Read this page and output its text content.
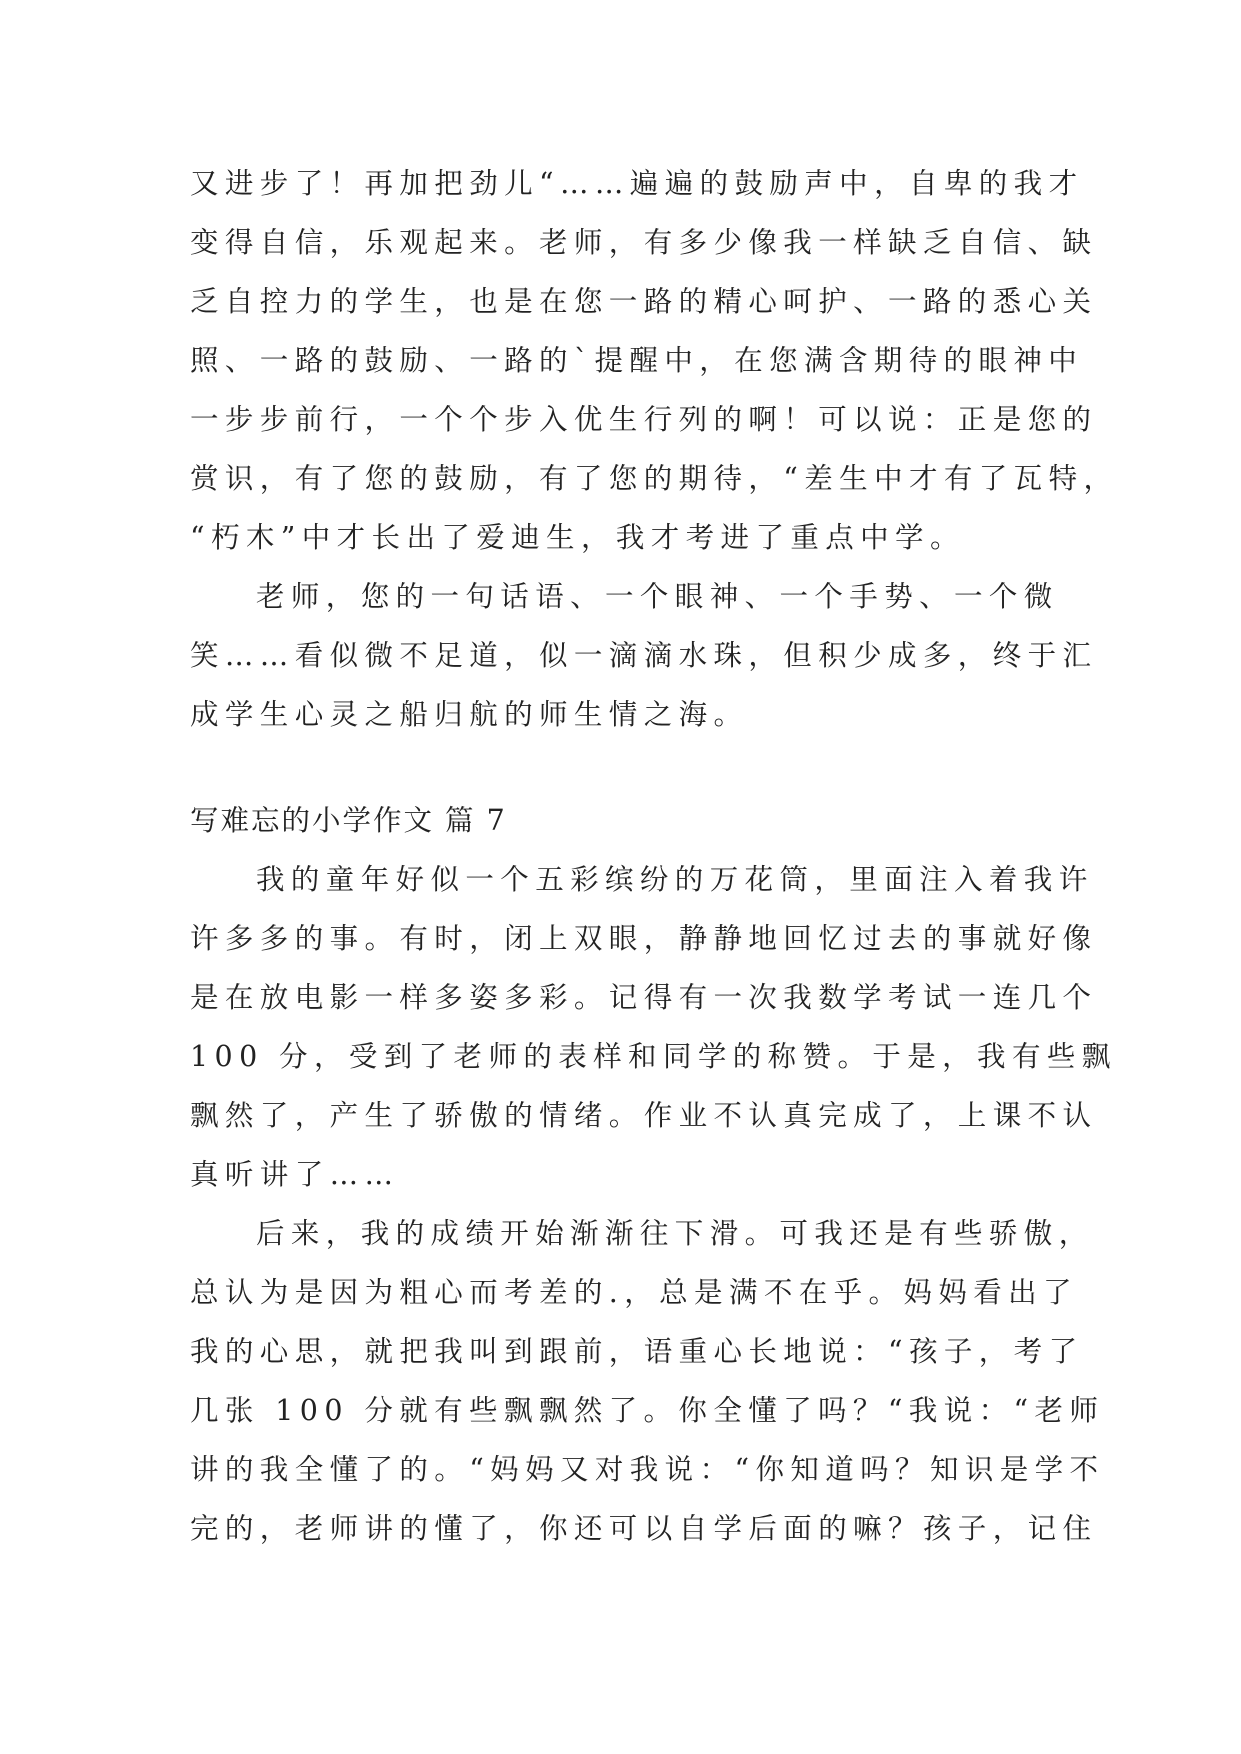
又进步了！再加把劲儿“……遍遍的鼓励声中，自卑的我才
变得自信，乐观起来。老师，有多少像我一样缺乏自信、缺
乏自控力的学生，也是在您一路的精心呵护、一路的悉心关
照、一路的鼓励、一路的`提醒中，在您满含期待的眼神中
一步步前行，一个个步入优生行列的啊！可以说：正是您的
赏识，有了您的鼓励，有了您的期待，“差生中才有了瓦特，
“朽木”中才长出了爱迪生，我才考进了重点中学。
老师，您的一句话语、一个眼神、一个手势、一个微
笑……看似微不足道，似一滴滴水珠，但积少成多，终于汇
成学生心灵之船归航的师生情之海。
写难忘的小学作文 篇 7
我的童年好似一个五彩缤纷的万花筒，里面注入着我许
许多多的事。有时，闭上双眼，静静地回忆过去的事就好像
是在放电影一样多姿多彩。记得有一次我数学考试一连几个
100 分，受到了老师的表样和同学的称赞。于是，我有些飘
飘然了，产生了骄傲的情绪。作业不认真完成了，上课不认
真听讲了……
后来，我的成绩开始渐渐往下滑。可我还是有些骄傲，
总认为是因为粗心而考差的.，总是满不在乎。妈妈看出了
我的心思，就把我叫到跟前，语重心长地说：“孩子，考了
几张 100 分就有些飘飘然了。你全懂了吗？“我说：“老师
讲的我全懂了的。“妈妈又对我说：“你知道吗？知识是学不
完的，老师讲的懂了，你还可以自学后面的嘛？孩子，记住
